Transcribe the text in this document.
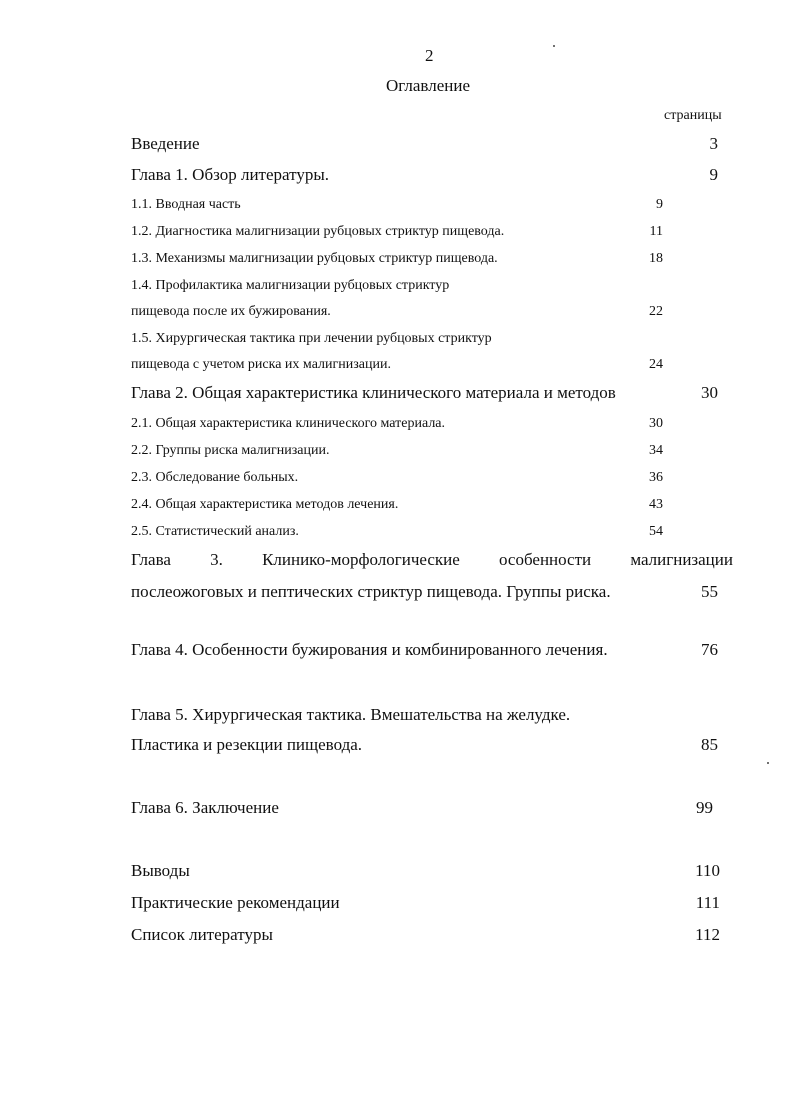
2
Оглавление
страницы
Введение	3
Глава 1. Обзор литературы.	9
1.1. Вводная часть	9
1.2. Диагностика малигнизации рубцовых стриктур пищевода.	11
1.3. Механизмы малигнизации рубцовых стриктур пищевода.	18
1.4. Профилактика малигнизации рубцовых стриктур
пищевода после их бужирования.	22
1.5. Хирургическая тактика при лечении рубцовых стриктур
пищевода с учетом риска их малигнизации.	24
Глава 2. Общая характеристика клинического материала и методов	30
2.1. Общая характеристика клинического материала.	30
2.2. Группы риска малигнизации.	34
2.3. Обследование больных.	36
2.4. Общая характеристика методов лечения.	43
2.5. Статистический анализ.	54
Глава 3. Клинико-морфологические особенности малигнизации
послеожоговых и пептических стриктур пищевода. Группы риска.	55
Глава 4. Особенности бужирования и комбинированного лечения.	76
Глава 5. Хирургическая тактика. Вмешательства на желудке.
Пластика и резекции пищевода.	85
Глава 6. Заключение	99
Выводы	110
Практические рекомендации	111
Список литературы	112
